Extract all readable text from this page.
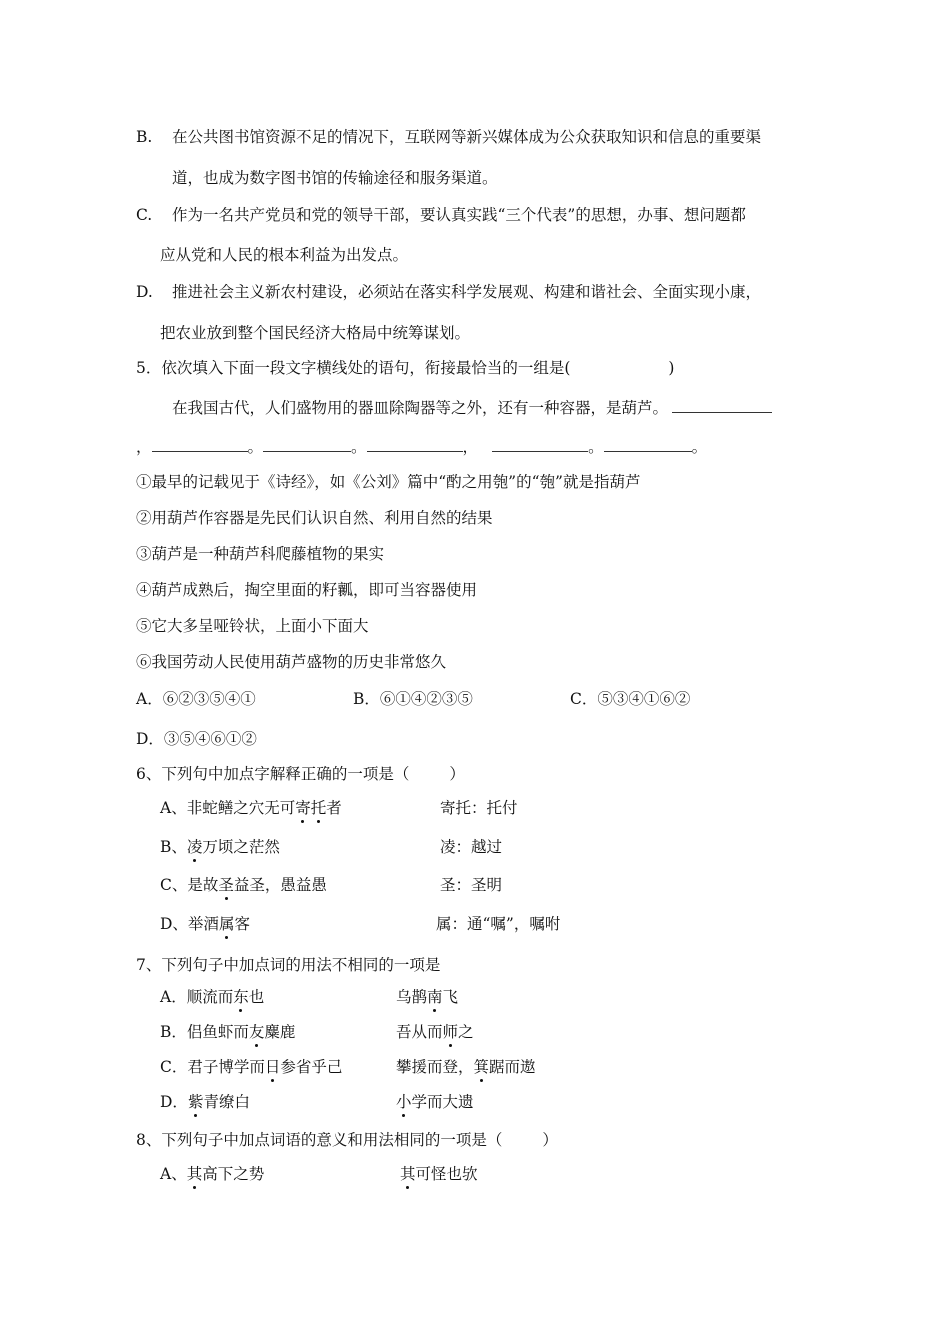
B. 在公共图书馆资源不足的情况下，互联网等新兴媒体成为公众获取知识和信息的重要渠
道，也成为数字图书馆的传输途径和服务渠道。
C. 作为一名共产党员和党的领导干部，要认真实践“三个代表”的思想，办事、想问题都
应从党和人民的根本利益为出发点。
D. 推进社会主义新农村建设，必须站在落实科学发展观、构建和谐社会、全面实现小康，
把农业放到整个国民经济大格局中统筹谋划。
5．依次填入下面一段文字横线处的语句，衔接最恰当的一组是(	)
在我国古代，人们盛物用的器皿除陶器等之外，还有一种容器，是葫芦。
，	。	。	，	。	。
①最早的记载见于《诗经》，如《公刘》篇中“酌之用匏”的“匏”就是指葫芦
②用葫芦作容器是先民们认识自然、利用自然的结果
③葫芦是一种葫芦科爬藤植物的果实
④葫芦成熟后，掏空里面的籽瓤，即可当容器使用
⑤它大多呈哑铃状，上面小下面大
⑥我国劳动人民使用葫芦盛物的历史非常悠久
A．⑥②③⑤④①	B．⑥①④②③⑤	C．⑤③④①⑥②
D．③⑤④⑥①②
6、下列句中加点字解释正确的一项是（	）
A、非蛇鳝之穴无可寄托者	寄托：托付
B、凌万顷之茫然	凌：越过
C、是故圣益圣，愚益愚	圣：圣明
D、举酒属客	属：通“嘱”，嘱咐
7、下列句子中加点词的用法不相同的一项是
A．顺流而东也	乌鹊南飞
B．侣鱼虾而友麋鹿	吾从而师之
C．君子博学而日参省乎己	攀援而登，箕踞而遨
D．紫青缭白	小学而大遗
8、下列句子中加点词语的意义和用法相同的一项是（	）
A、其高下之势	其可怪也欤
